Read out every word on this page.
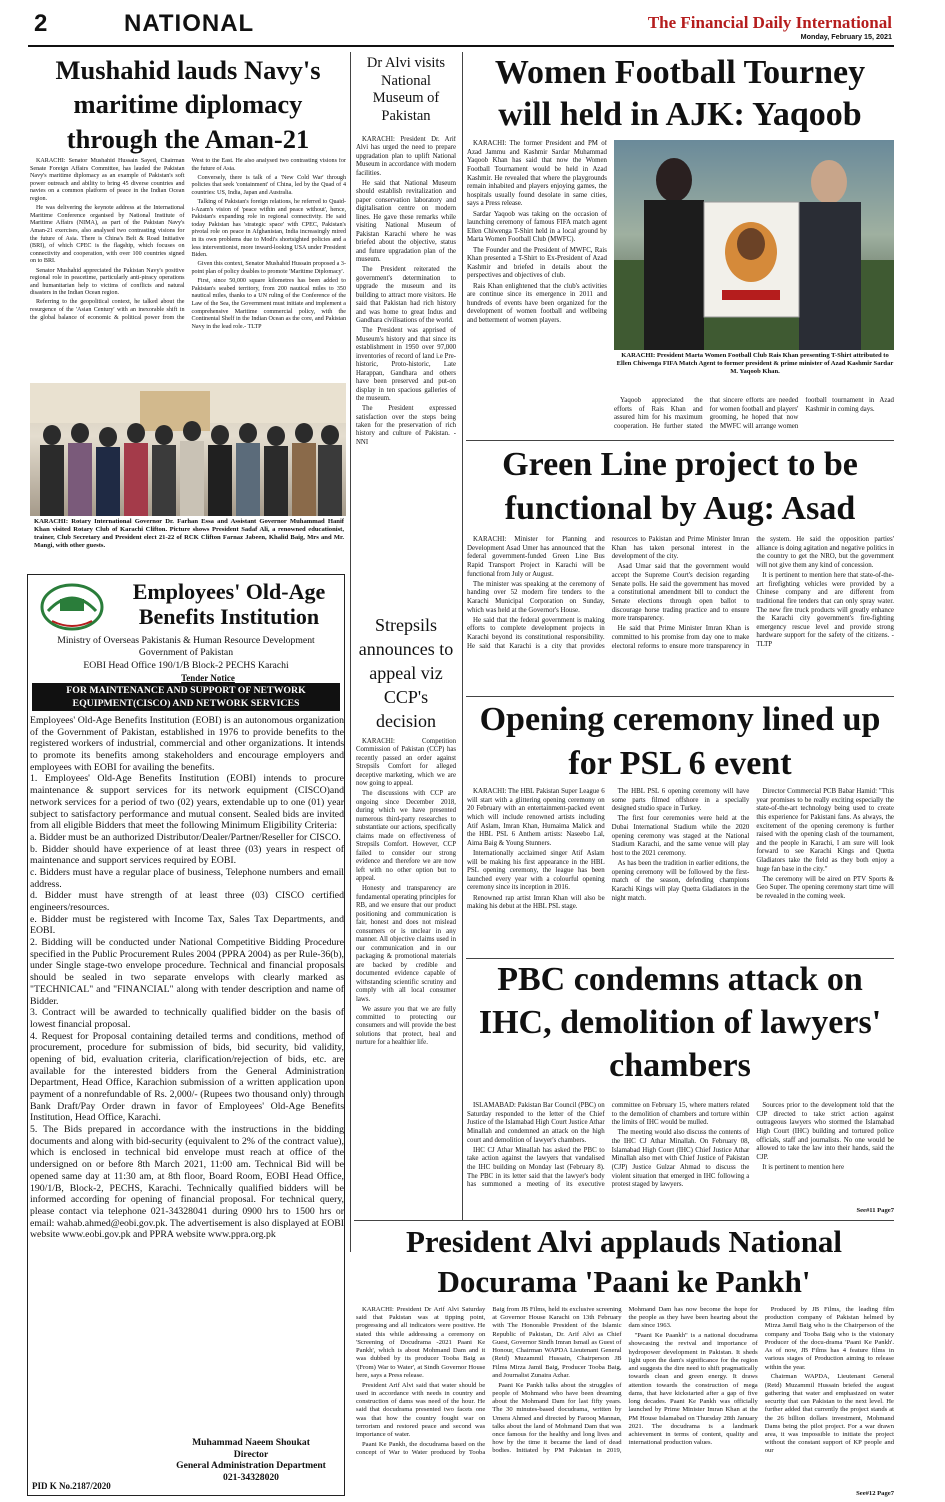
2	NATIONAL	The Financial Daily International
Monday, February 15, 2021
Mushahid lauds Navy's maritime diplomacy through the Aman-21

KARACHI: Senator Mushahid Hussain Sayed, Chairman Senate Foreign Affairs Committee, has lauded the Pakistan Navy's maritime diplomacy as an example of Pakistan's soft power outreach and ability to bring 45 diverse countries and navies on a common platform of peace in the Indian Ocean region.

He was delivering the keynote address at the International Maritime Conference organised by National Institute of Maritime Affairs (NIMA), as part of the Pakistan Navy's Aman-21 exercises, also analysed two contrasting visions for the future of Asia. There is China's Belt & Road Initiative (BRI), of which CPEC is the flagship, which focuses on connectivity and cooperation, with over 100 countries signed on to BRI.

Senator Mushahid appreciated the Pakistan Navy's positive regional role in peacetime, particularly anti-piracy operations and humanitarian help to victims of conflicts and natural disasters in the Indian Ocean region.

Referring to the geopolitical context, he talked about the resurgence of the 'Asian Century' with an inexorable shift in the global balance of economic & political power from the West to the East. He also analysed two contrasting visions for the future of Asia.

Conversely, there is talk of a 'New Cold War' through policies that seek 'containment' of China, led by the Quad of 4 countries: US, India, Japan and Australia.

Talking of Pakistan's foreign relations, he referred to Quaid-i-Azam's vision of 'peace within and peace without', hence, Pakistan's expanding role in regional connectivity. He said today Pakistan has 'strategic space' with CPEC, Pakistan's pivotal role on peace in Afghanistan, India increasingly mired in its own problems due to Modi's shortsighted policies and a less interventionist, more inward-looking USA under President Biden.

Given this context, Senator Mushahid Hussain proposed a 3-point plan of policy doables to promote 'Maritime Diplomacy'.

First, since 50,000 square kilometres has been added to Pakistan's seabed territory, from 200 nautical miles to 350 nautical miles, thanks to a UN ruling of the Conference of the Law of the Sea, the Government must initiate and implement a comprehensive Maritime commercial policy, with the Continental Shelf in the Indian Ocean as the core, and Pakistan Navy in the lead role.- TLTP

KARACHI: Rotary International Governor Dr. Farhan Essa and Assistant Governor Muhammad Hanif Khan visited Rotary Club of Karachi Clifton. Picture shows President Sadaf Ali, a renowned educationist, trainer, Club Secretary and President elect 21-22 of RCK Clifton Farnaz Jabeen, Khalid Baig, Mrs and Mr. Mangi, with other guests.
Employees' Old-Age Benefits Institution
Ministry of Overseas Pakistanis & Human Resource Development
Government of Pakistan
EOBI Head Office 190/1/B Block-2 PECHS Karachi
Tender Notice
FOR MAINTENANCE AND SUPPORT OF NETWORK EQUIPMENT(CISCO) AND NETWORK SERVICES

Employees' Old-Age Benefits Institution (EOBI) is an autonomous organization of the Government of Pakistan, established in 1976 to provide benefits to the registered workers of industrial, commercial and other organizations. It intends to promote its benefits among stakeholders and encourage employers and employees with EOBI for availing the benefits.

1. Employees' Old-Age Benefits Institution (EOBI) intends to procure maintenance & support services for its network equipment (CISCO)and network services for a period of two (02) years, extendable up to one (01) year subject to satisfactory performance and mutual consent. Sealed bids are invited from all eligible Bidders that meet the following Minimum Eligibility Criteria:

a. Bidder must be an authorized Distributor/Dealer/Partner/Reseller for CISCO.

b. Bidder should have experience of at least three (03) years in respect of maintenance and support services required by EOBI.

c. Bidders must have a regular place of business, Telephone numbers and email address.

d. Bidder must have strength of at least three (03) CISCO certified engineers/resources.

e. Bidder must be registered with Income Tax, Sales Tax Departments, and EOBI.

2. Bidding will be conducted under National Competitive Bidding Procedure specified in the Public Procurement Rules 2004 (PPRA 2004) as per Rule-36(b), under Single stage-two envelope procedure. Technical and financial proposals should be sealed in two separate envelops with clearly marked as "TECHNICAL" and "FINANCIAL" along with tender description and name of Bidder.

3. Contract will be awarded to technically qualified bidder on the basis of lowest financial proposal.

4. Request for Proposal containing detailed terms and conditions, method of procurement, procedure for submission of bids, bid security, bid validity, opening of bid, evaluation criteria, clarification/rejection of bids, etc. are available for the interested bidders from the General Administration Department, Head Office, Karachion submission of a written application upon payment of a nonrefundable of Rs. 2,000/- (Rupees two thousand only) through Bank Draft/Pay Order drawn in favor of Employees' Old-Age Benefits Institution, Head Office, Karachi.

5. The Bids prepared in accordance with the instructions in the bidding documents and along with bid-security (equivalent to 2% of the contract value), which is enclosed in technical bid envelope must reach at office of the undersigned on or before 8th March 2021, 11:00 am. Technical Bid will be opened same day at 11:30 am, at 8th floor, Board Room, EOBI Head Office, 190/1/B, Block-2, PECHS, Karachi. Technically qualified bidders will be informed according for opening of financial proposal. For technical query, please contact via telephone 021-34328041 during 0900 hrs to 1500 hrs or email: wahab.ahmed@eobi.gov.pk. The advertisement is also displayed at EOBI website www.eobi.gov.pk and PPRA website www.ppra.org.pk

Muhammad Naeem Shoukat
Director
General Administration Department
021-34328020
PID K No.2187/2020
Dr Alvi visits National Museum of Pakistan

KARACHI: President Dr. Arif Alvi has urged the need to prepare upgradation plan to uplift National Museum in accordance with modern facilities.

He said that National Museum should establish revitalization and paper conservation laboratory and digitalisation centre on modern lines. He gave these remarks while visiting National Museum of Pakistan Karachi where he was briefed about the objective, status and future upgradation plan of the museum.

The President reiterated the government's determination to upgrade the museum and its building to attract more visitors. He said that Pakistan had rich history and was home to great Indus and Gandhara civilisations of the world.

The President was apprised of Museum's history and that since its establishment in 1950 over 97,000 inventories of record of land i.e Pre-historic, Proto-historic, Late Harappan, Gandhara and others have been preserved and put-on display in ten spacious galleries of the museum.

The President expressed satisfaction over the steps being taken for the preservation of rich history and culture of Pakistan. - NNI

Strepsils announces to appeal viz CCP's decision

KARACHI: Competition Commission of Pakistan (CCP) has recently passed an order against Strepsils Comfort for alleged deceptive marketing, which we are now going to appeal.

The discussions with CCP are ongoing since December 2018, during which we have presented numerous third-party researches to substantiate our actions, specifically claims made on effectiveness of Strepsils Comfort. However, CCP failed to consider our strong evidence and therefore we are now left with no other option but to appeal.

Honesty and transparency are fundamental operating principles for RB, and we ensure that our product positioning and communication is fair, honest and does not mislead consumers or is unclear in any manner. All objective claims used in our communication and in our packaging & promotional materials are backed by credible and documented evidence capable of withstanding scientific scrutiny and comply with all local consumer laws.

We assure you that we are fully committed to protecting our consumers and will provide the best solutions that protect, heal and nurture for a healthier life.

Women Football Tourney will held in AJK: Yaqoob

KARACHI: The former President and PM of Azad Jammu and Kashmir Sardar Muhammad Yaqoob Khan has said that now the Women Football Tournament would be held in Azad Kashmir. He revealed that where the playgrounds remain inhabited and players enjoying games, the hospitals usually found desolate in same cities, says a Press release.

Sardar Yaqoob was taking on the occasion of launching ceremony of famous FIFA match agent Ellen Chiwenga T-Shirt held in a local ground by Marta Women Football Club (MWFC).

The Founder and the President of MWFC, Rais Khan presented a T-Shirt to Ex-President of Azad Kashmir and briefed in details about the perspectives and objectives of club.

Rais Khan enlightened that the club's activities are continue since its emergence in 2011 and hundreds of events have been organized for the development of women football and wellbeing and betterment of women players.

KARACHI: President Marta Women Football Club Rais Khan presenting T-Shirt attributed to Ellen Chiwenga FIFA Match Agent to former president & prime minister of Azad Kashmir Sardar M. Yaqoob Khan.

Yaqoob appreciated the efforts of Rais Khan and assured him for his maximum cooperation. He further stated that sincere efforts are needed for women football and players' grooming, he hoped that now the MWFC will arrange women football tournament in Azad Kashmir in coming days.

Green Line project to be functional by Aug: Asad

KARACHI: Minister for Planning and Development Asad Umer has announced that the federal government-funded Green Line Bus Rapid Transport Project in Karachi will be functional from July or August.

The minister was speaking at the ceremony of handing over 52 modern fire tenders to the Karachi Municipal Corporation on Sunday, which was held at the Governor's House.

He said that the federal government is making efforts to complete development projects in Karachi beyond its constitutional responsibility. He said that Karachi is a city that provides resources to Pakistan and Prime Minister Imran Khan has taken personal interest in the development of the city.

Asad Umar said that the government would accept the Supreme Court's decision regarding Senate polls. He said the government has moved a constitutional amendment bill to conduct the Senate elections through open ballot to discourage horse trading practice and to ensure more transparency.

He said that Prime Minister Imran Khan is committed to his promise from day one to make electoral reforms to ensure more transparency in the system. He said the opposition parties' alliance is doing agitation and negative politics in the country to get the NRO, but the government will not give them any kind of concession.

It is pertinent to mention here that state-of-the-art firefighting vehicles were provided by a Chinese company and are different from traditional fire tenders that can only spray water. The new fire truck products will greatly enhance the Karachi city government's fire-fighting emergency rescue level and provide strong hardware support for the safety of the citizens. - TLTP

Opening ceremony lined up for PSL 6 event

KARACHI: The HBL Pakistan Super League 6 will start with a glittering opening ceremony on 20 February with an entertainment-packed event which will include renowned artists including Atif Aslam, Imran Khan, Humaima Malick and the HBL PSL 6 Anthem artists: Naseebo Lal, Aima Baig & Young Stunners.

Internationally acclaimed singer Atif Aslam will be making his first appearance in the HBL PSL opening ceremony, the league has been launched every year with a colourful opening ceremony since its inception in 2016.

Renowned rap artist Imran Khan will also be making his debut at the HBL PSL stage.

The HBL PSL 6 opening ceremony will have some parts filmed offshore in a specially designed studio space in Turkey.

The first four ceremonies were held at the Dubai International Stadium while the 2020 opening ceremony was staged at the National Stadium Karachi, and the same venue will play host to the 2021 ceremony.

As has been the tradition in earlier editions, the opening ceremony will be followed by the first-match of the season, defending champions Karachi Kings will play Quetta Gladiators in the night match.

Director Commercial PCB Babar Hamid: "This year promises to be really exciting especially the state-of-the-art technology being used to create this experience for Pakistani fans. As always, the excitement of the opening ceremony is further raised with the opening clash of the tournament, and the people in Karachi, I am sure will look forward to see Karachi Kings and Quetta Gladiators take the field as they both enjoy a huge fan base in the city."

The ceremony will be aired on PTV Sports & Geo Super. The opening ceremony start time will be revealed in the coming week.

PBC condemns attack on IHC, demolition of lawyers' chambers

ISLAMABAD: Pakistan Bar Council (PBC) on Saturday responded to the letter of the Chief Justice of the Islamabad High Court Justice Athar Minallah and condemned an attack on the high court and demolition of lawyer's chambers.

IHC CJ Athar Minallah has asked the PBC to take action against the lawyers that vandalised the IHC building on Monday last (February 8). The PBC in its letter said that the lawyer's body has summoned a meeting of its executive committee on February 15, where matters related to the demolition of chambers and torture within the limits of IHC would be mulled.

The meeting would also discuss the contents of the IHC CJ Athar Minallah. On February 08, Islamabad High Court (IHC) Chief Justice Athar Minallah also met with Chief Justice of Pakistan (CJP) Justice Gulzar Ahmad to discuss the violent situation that emerged in IHC following a protest staged by lawyers.

Sources prior to the development told that the CJP directed to take strict action against outrageous lawyers who stormed the Islamabad High Court (IHC) building and tortured police officials, staff and journalists. No one would be allowed to take the law into their hands, said the CJP.

It is pertinent to mention here

See#11 Page7
President Alvi applauds National Docurama 'Paani ke Pankh'

KARACHI: President Dr Arif Alvi Saturday said that Pakistan was at tipping point, progressing and all indicators were positive. He stated this while addressing a ceremony on 'Screening of Docudrama -2021 Paani Ke Pankh', which is about Mohmand Dam and it was dubbed by its producer Tooba Baig as '(From) War to Water', at Sindh Governor House here, says a Press release.

President Arif Alvi said that water should be used in accordance with needs in country and construction of dams was need of the hour. He said that docudrama presented two facets one was that how the country fought war on terrorism and restored peace and second was importance of water.

Paani Ke Pankh, the docudrama based on the concept of War to Water produced by Tooba Baig from JB Films, held its exclusive screening at Governor House Karachi on 13th February with The Honorable President of the Islamic Republic of Pakistan, Dr. Arif Alvi as Chief Guest, Governor Sindh Imran Ismail as Guest of Honour, Chairman WAPDA Lieutenant General (Retd) Muzammil Hussain, Chairperson JB Films Mirza Jamil Baig, Producer Tooba Baig, and Journalist Zunaira Azhar.

Paani Ke Pankh talks about the struggles of people of Mohmand who have been dreaming about the Mohmand Dam for last fifty years. The 30 minutes-based docudrama, written by Umera Ahmed and directed by Farooq Mannan, talks about the land of Mohmand Dam that was once famous for the healthy and long lives and how by the time it became the land of dead bodies. Initiated by PM Pakistan in 2019, Mohmand Dam has now become the hope for the people as they have been hearing about the dam since 1963.

"Paani Ke Paankh" is a national docudrama showcasing the revival and importance of hydropower development in Pakistan. It sheds light upon the dam's significance for the region and suggests the dire need to shift pragmatically towards clean and green energy. It draws attention towards the construction of mega dams, that have kickstarted after a gap of five long decades. Paani Ke Pankh was officially launched by Prime Minister Imran Khan at the PM House Islamabad on Thursday 28th January 2021. The docudrama is a landmark achievement in terms of content, quality and international production values.

Produced by JB Films, the leading film production company of Pakistan helmed by Mirza Jamil Baig who is the Chairperson of the company and Tooba Baig who is the visionary Producer of the docu-drama 'Paani Ke Pankh'. As of now, JB Films has 4 feature films in various stages of Production aiming to release within the year.

Chairman WAPDA, Lieutenant General (Retd) Muzammil Hussain briefed the august gathering that water and emphasized on water security that can Pakistan to the next level. He further added that currently the project stands at the 26 billion dollars investment, Mohmand Dams being the pilot project. For a war drawn area, it was impossible to initiate the project without the constant support of KP people and our

See#12 Page7
